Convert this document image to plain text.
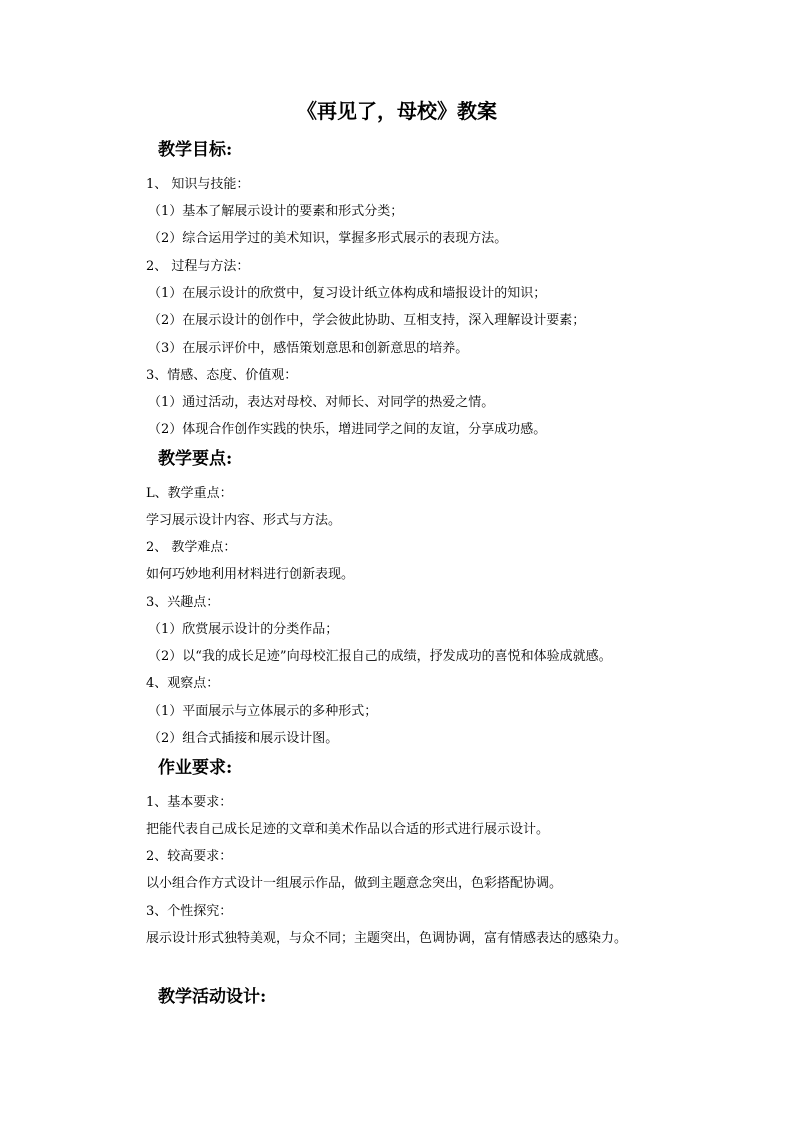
《再见了，母校》教案
教学目标:
1、 知识与技能：
（1）基本了解展示设计的要素和形式分类；
（2）综合运用学过的美术知识，掌握多形式展示的表现方法。
2、 过程与方法：
（1）在展示设计的欣赏中，复习设计纸立体构成和墙报设计的知识；
（2）在展示设计的创作中，学会彼此协助、互相支持，深入理解设计要素；
（3）在展示评价中，感悟策划意思和创新意思的培养。
3、情感、态度、价值观：
（1）通过活动，表达对母校、对师长、对同学的热爱之情。
（2）体现合作创作实践的快乐，增进同学之间的友谊，分享成功感。
教学要点:
L、教学重点：
学习展示设计内容、形式与方法。
2、 教学难点：
如何巧妙地利用材料进行创新表现。
3、兴趣点：
（1）欣赏展示设计的分类作品；
（2）以“我的成长足迹”向母校汇报自己的成绩，抒发成功的喜悦和体验成就感。
4、观察点：
（1）平面展示与立体展示的多种形式；
（2）组合式插接和展示设计图。
作业要求:
1、基本要求：
把能代表自己成长足迹的文章和美术作品以合适的形式进行展示设计。
2、较高要求：
以小组合作方式设计一组展示作品，做到主题意念突出，色彩搭配协调。
3、个性探究：
展示设计形式独特美观，与众不同；主题突出，色调协调，富有情感表达的感染力。
教学活动设计:
